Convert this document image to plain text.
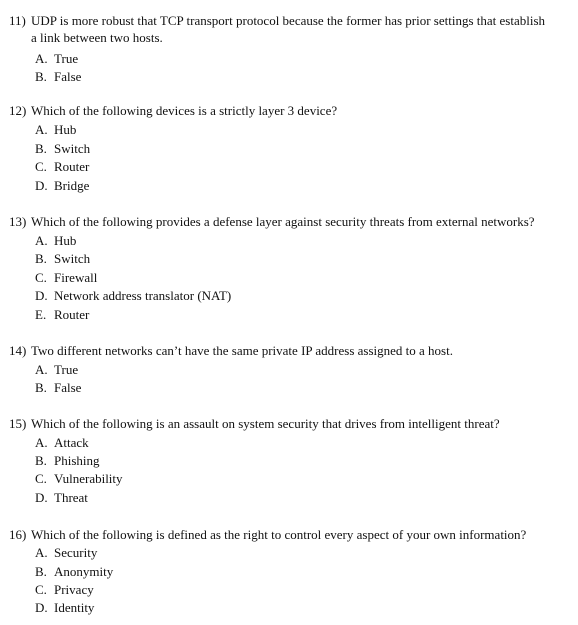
11) UDP is more robust that TCP transport protocol because the former has prior settings that establish
a link between two hosts.
A. True
B. False
12) Which of the following devices is a strictly layer 3 device?
A. Hub
B. Switch
C. Router
D. Bridge
13) Which of the following provides a defense layer against security threats from external networks?
A. Hub
B. Switch
C. Firewall
D. Network address translator (NAT)
E. Router
14) Two different networks can’t have the same private IP address assigned to a host.
A. True
B. False
15) Which of the following is an assault on system security that drives from intelligent threat?
A. Attack
B. Phishing
C. Vulnerability
D. Threat
16) Which of the following is defined as the right to control every aspect of your own information?
A. Security
B. Anonymity
C. Privacy
D. Identity
